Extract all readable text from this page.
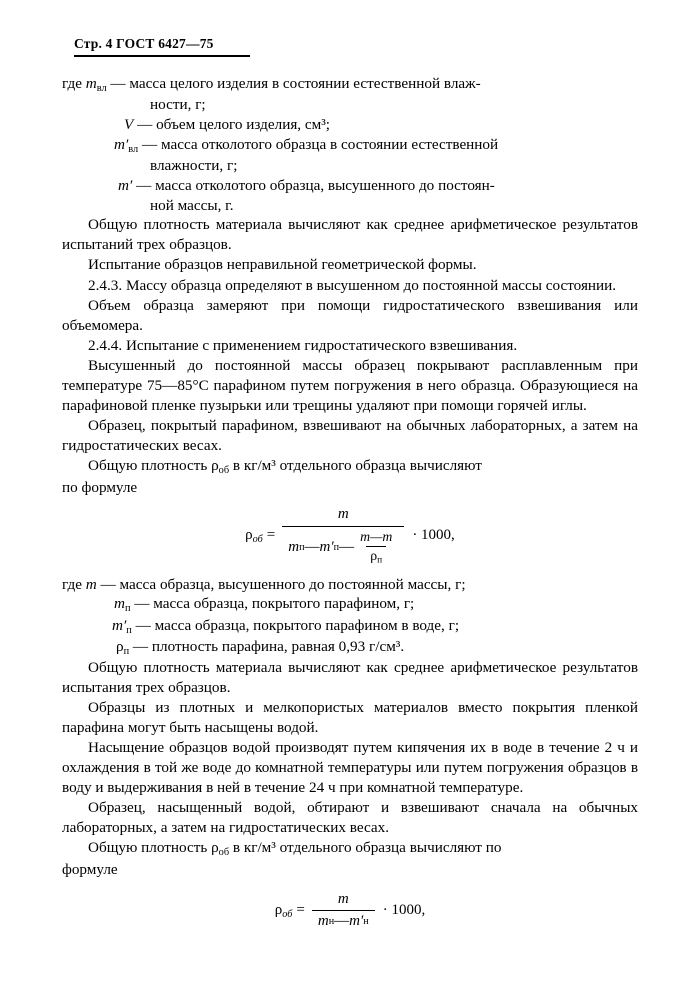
Стр. 4 ГОСТ 6427—75
где $m_{вл}$ — масса целого изделия в состоянии естественной влаж-
ности, г;
V — объем целого изделия, см³;
$m'_{вл}$ — масса отколотого образца в состоянии естественной
влажности, г;
m′ — масса отколотого образца, высушенного до постоян-
ной массы, г.

Общую плотность материала вычисляют как среднее арифметическое результатов испытаний трех образцов.

Испытание образцов неправильной геометрической формы.

2.4.3. Массу образца определяют в высушенном до постоянной массы состоянии.

Объем образца замеряют при помощи гидростатического взвешивания или объемомера.

2.4.4. Испытание с применением гидростатического взвешивания.

Высушенный до постоянной массы образец покрывают расплавленным при температуре 75—85°С парафином путем погружения в него образца. Образующиеся на парафиновой пленке пузырьки или трещины удаляют при помощи горячей иглы.

Образец, покрытый парафином, взвешивают на обычных лабораторных, а затем на гидростатических весах.

Общую плотность $\rho_{об}$ в кг/м³ отдельного образца вычисляют

по формуле

$\rho_{об}$ =
m
m п — m′ п — $\frac{m—m}{\rho_п}$	· 1000,
где m — масса образца, высушенного до постоянной массы, г;
$m_п$ — масса образца, покрытого парафином, г;
$m'_п$ — масса образца, покрытого парафином в воде, г;
$\rho_п$ — плотность парафина, равная 0,93 г/см³.

Общую плотность материала вычисляют как среднее арифметическое результатов испытания трех образцов.

Образцы из плотных и мелкопористых материалов вместо покрытия пленкой парафина могут быть насыщены водой.

Насыщение образцов водой производят путем кипячения их в воде в течение 2 ч и охлаждения в той же воде до комнатной температуры или путем погружения образцов в воду и выдерживания в ней в течение 24 ч при комнатной температуре.

Образец, насыщенный водой, обтирают и взвешивают сначала на обычных лабораторных, а затем на гидростатических весах.

Общую плотность $\rho_{об}$ в кг/м³ отдельного образца вычисляют по

формуле

$\rho_{об} = \frac{m}{\text{m н — m′ н}} \cdot 1000$,
